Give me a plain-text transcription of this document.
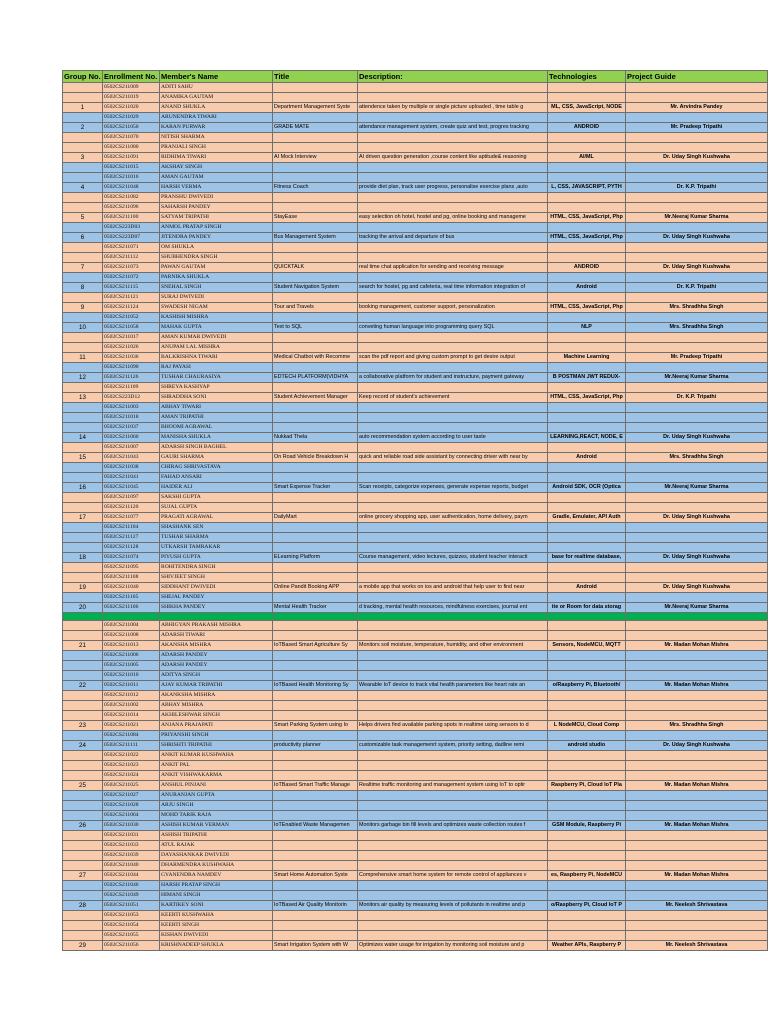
Group No.	Enrollment No.	Member's Name	Title	Description:	Technologies	Project Guide
	0502CS211009	ADITI SAHU				
	0502CS211019	ANAMIKA GAUTAM				
1	0502CS211020	ANAND SHUKLA	Department Management Syste	attendence taken by multiple or single picture uploaded , time table g	ML, CSS, JavaScript, NODE	Mr. Arvindra Pandey
	0502CS211029	ARUNENDRA TIWARI				
2	0502CS211050	KARAN PURWAR	GRADE MATE	attendance management system, create quiz and test, progres tracking	ANDROID	Mr. Pradeep Tripathi
	0502CS211070	NITISH SHARMA				
	0502CS211080	PRANJALI SINGH				
3	0502CS211091	RIDHIMA TIWARI	AI Mock Interview	AI driven question generation ,course content like aptitude& reasoning	AI/ML	Dr. Uday Singh Kushwaha
	0502CS211015	AKSHAY SINGH				
	0502CS211016	AMAN GAUTAM				
4	0502CS211048	HARSH VERMA	Fitness Coach	provide diet plan, track user progress, personalise exercise plans ,auto	L, CSS, JAVASCRIPT, PYTH	Dr. K.P. Tripathi
	0502CS211082	PRANSHU DWIVEDI				
	0502CS211096	SAHARSH PANDEY				
5	0502CS211100	SATYAM TRIPATHI	StayEase	easy selection oh hotel, hostel and pg, online booking and manageme	HTML, CSS, JavaScript, Php	Mr.Neeraj Kumar Sharma
	0502CS223D03	ANMOL PRATAP SINGH				
6	0502CS223D07	JITENDRA PANDEY	Bus Management System	tracking the arrival and departure of bus	HTML, CSS, JavaScript, Php	Dr. Uday Singh Kushwaha
	0502CS211071	OM SHUKLA				
	0502CS211112	SHUBHENDRA SINGH				
7	0502CS211073	PAWAN GAUTAM	QUICKTALK	real time chat application for sending and receiving message	ANDROID	Dr. Uday Singh Kushwaha
	0502CS211072	PARNIKA SHUKLA				
8	0502CS211115	SNEHAL SINGH	Student Navigation System	search for hostel, pg and cafeteria, real time information integration of	Android	Dr. K.P. Tripathi
	0502CS211121	SURAJ DWIVEDI				
9	0502CS211124	SWADESH NIGAM	Tour and Travels	booking management, customer support, personalization	HTML, CSS, JavaScript, Php	Mrs. Shradhha Singh
	0502CS211052	KASHISH MISHRA				
10	0502CS211058	MAHAK GUPTA	Text to SQL	conveting human language into programming query SQL	NLP	Mrs. Shradhha Singh
	0502CS211017	AMAN KUMAR DWIVEDI				
	0502CS211026	ANUPAM LAL MISHRA				
11	0502CS211036	BALKRISHNA TIWARI	Medical Chatbot with Recomme	scan the pdf report and giving custom prompt to get desire output	Machine Learning	Mr. Pradeep Tripathi
	0502CS211090	RAJ PAYASI				
12	0502CS211126	TUSHAR CHAURASIYA	EDTECH PLATFORM(VIDHYA	a collaborative platform for student and instructure, payment gateway	B POSTMAN JWT REDUX-	Mr.Neeraj Kumar Sharma
	0502CS211109	SHREYA KASHYAP				
13	0502CS223D12	SHRADDHA SONI	Student Achievement Manager	Keep record of student's achievement	HTML, CSS, JavaScript, Php	Dr. K.P. Tripathi
	0502CS211003	ABHAY TIWARI				
	0502CS211018	AMAN TRIPATHI				
	0502CS211037	BHOOMI AGRAWAL				
14	0502CS211060	MANISHA SHUKLA	Nukkad Thela	auto recommendation system according to user taste	LEARNING,REACT, NODE, E	Dr. Uday Singh Kushwaha
	0502CS211007	ADARSH SINGH BAGHEL				
15	0502CS211043	GAURI SHARMA	On Road Vehicle Breakdown H	quick and reliable road side assistant by connecting driver with near by	Android	Mrs. Shradhha Singh
	0502CS211038	CHIRAG SHRIVASTAVA				
	0502CS211041	FAHAD ANSARI				
16	0502CS211045	HAIDER ALI	Smart Expense Tracker	Scan receipts, categorize expenses, generate expense reports, budget	Android SDK, OCR (Optica	Mr.Neeraj Kumar Sharma
	0502CS211097	SAKSHI GUPTA				
	0502CS211120	SUJAL GUPTA				
17	0502CS211077	PRAGATI AGRAWAL	DailyMart	online grocery shopping app, user authentication, home delivery, paym	Gradle, Emulater, API Auth	Dr. Uday Singh Kushwaha
	0502CS211104	SHASHANK SEN				
	0502CS211127	TUSHAR SHARMA				
	0502CS211128	UTKARSH TAMRAKAR				
18	0502CS211074	PIYUSH GUPTA	ELearning Platform	Course management, video lectures, quizzes, student teacher interacti	base for realtime database,	Dr. Uday Singh Kushwaha
	0502CS211095	ROHITENDRA SINGH				
	0502CS211108	SHIVJEET SINGH				
19	0502CS211040	SIDDHANT DWIVEDI	Online Pandit Booking APP	a mobile app that works on ios and android that help user to find near	Android	Dr. Uday Singh Kushwaha
	0502CS211105	SHEJAL PANDEY				
20	0502CS211106	SHIKHA PANDEY	Mental Health Tracker	d tracking, mental health resources, mindfulness exercises, journal ent	ite or Room for data storag	Mr.Neeraj Kumar Sharma

	0502CS211004	ABHIGYAN PRAKASH MISHRA				
	0502CS211008	ADARSH TIWARI				
21	0502CS211013	AKANSHA MISHRA	IoTBased Smart Agriculture Sy	Monitors soil moisture, temperature, humidity, and other environment	Sensors, NodeMCU, MQTT	Mr. Madan Mohan Mishra
	0502CS211006	ADARSH PANDEY				
	0502CS211005	ADARSH PANDEY				
	0502CS211010	ADITYA SINGH				
22	0502CS211011	AJAY KUMAR TRIPATHI	IoTBased Health Monitoring Sy	Wearable IoT device to track vital health parameters like heart rate an	o/Raspberry Pi, Bluetooth/	Mr. Madan Mohan Mishra
	0502CS211012	AKANKSHA MISHRA				
	0502CS211002	ABHAY MISHRA				
	0502CS211014	AKHILESHWAR SINGH				
23	0502CS211021	ANJANA PRAJAPATI	Smart Parking System using Io	Helps drivers find available parking spots in realtime using sensors to d	L NodeMCU, Cloud Comp	Mrs. Shradhha Singh
	0502CS211084	PRIYANSHI SINGH				
24	0502CS211111	SHRISHTI TRIPATHI	productivity planner	customizable task managemenrt system, priority setting, dadline remi	android studio	Dr. Uday Singh Kushwaha
	0502CS211022	ANKIT KUMAR KUSHWAHA				
	0502CS211023	ANKIT PAL				
	0502CS211024	ANKIT VISHWAKARMA				
25	0502CS211025	ANSHUL PINJANI	IoTBased Smart Traffic Manage	Realtime traffic monitoring and management system using IoT to optir	Raspberry Pi, Cloud IoT Pla	Mr. Madan Mohan Mishra
	0502CS211027	ANURANJAN GUPTA				
	0502CS211028	ARJU SINGH				
	0502CS211064	MOHD TARIK RAJA				
26	0502CS211030	ASHISH KUMAR VERMAN	IoTEnabled Waste Managemen	Monitors garbage bin fill levels and optimizes waste collection routes f	GSM Module, Raspberry Pi	Mr. Madan Mohan Mishra
	0502CS211031	ASHISH TRIPATHI				
	0502CS211033	ATUL RAJAK				
	0502CS211039	DAYASHANKAR DWIVEDI				
	0502CS211040	DHARMENDRA KUSHWAHA				
27	0502CS211044	GYANENDRA NAMDEV	Smart Home Automation Syste	Comprehensive smart home system for remote control of appliances v	es, Raspberry Pi, NodeMCU	Mr. Madan Mohan Mishra
	0502CS211046	HARSH PRATAP SINGH				
	0502CS211049	HIMANI SINGH				
28	0502CS211051	KARTIKEY SONI	IoTBased Air Quality Monitorin	Monitors air quality by measuring levels of pollutants in realtime and p	o/Raspberry Pi, Cloud IoT P	Mr. Neelesh Shrivastava
	0502CS211053	KEERTI KUSHWAHA				
	0502CS211054	KEERTI SINGH				
	0502CS211055	KISHAN DWIVEDI				
29	0502CS211056	KRISHNADEEP SHUKLA	Smart Irrigation System with W	Optimizes water usage for irrigation by monitoring soil moisture and p	Weather APIs, Raspberry P	Mr. Neelesh Shrivastava
